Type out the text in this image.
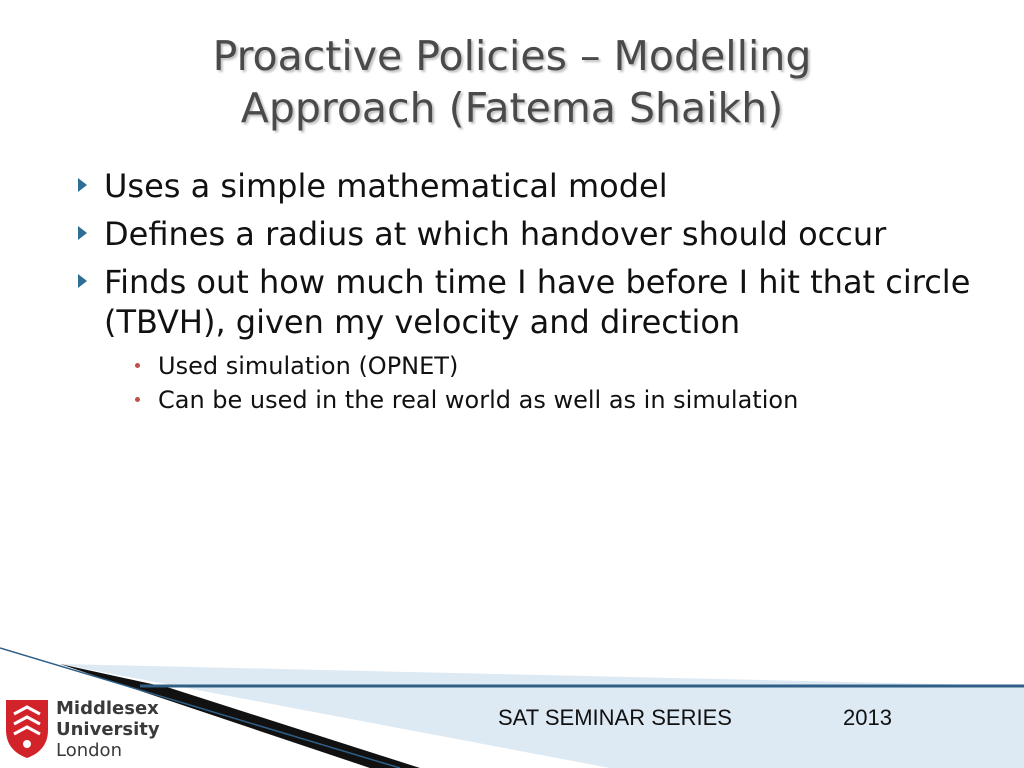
Proactive Policies – Modelling
Approach (Fatema Shaikh)
Uses a simple mathematical model
Defines a radius at which handover should occur
Finds out how much time I have before I hit that circle (TBVH), given my velocity and direction
Used simulation (OPNET)
Can be used in the real world as well as in simulation
Middlesex
University
London
SAT SEMINAR SERIES	2013
